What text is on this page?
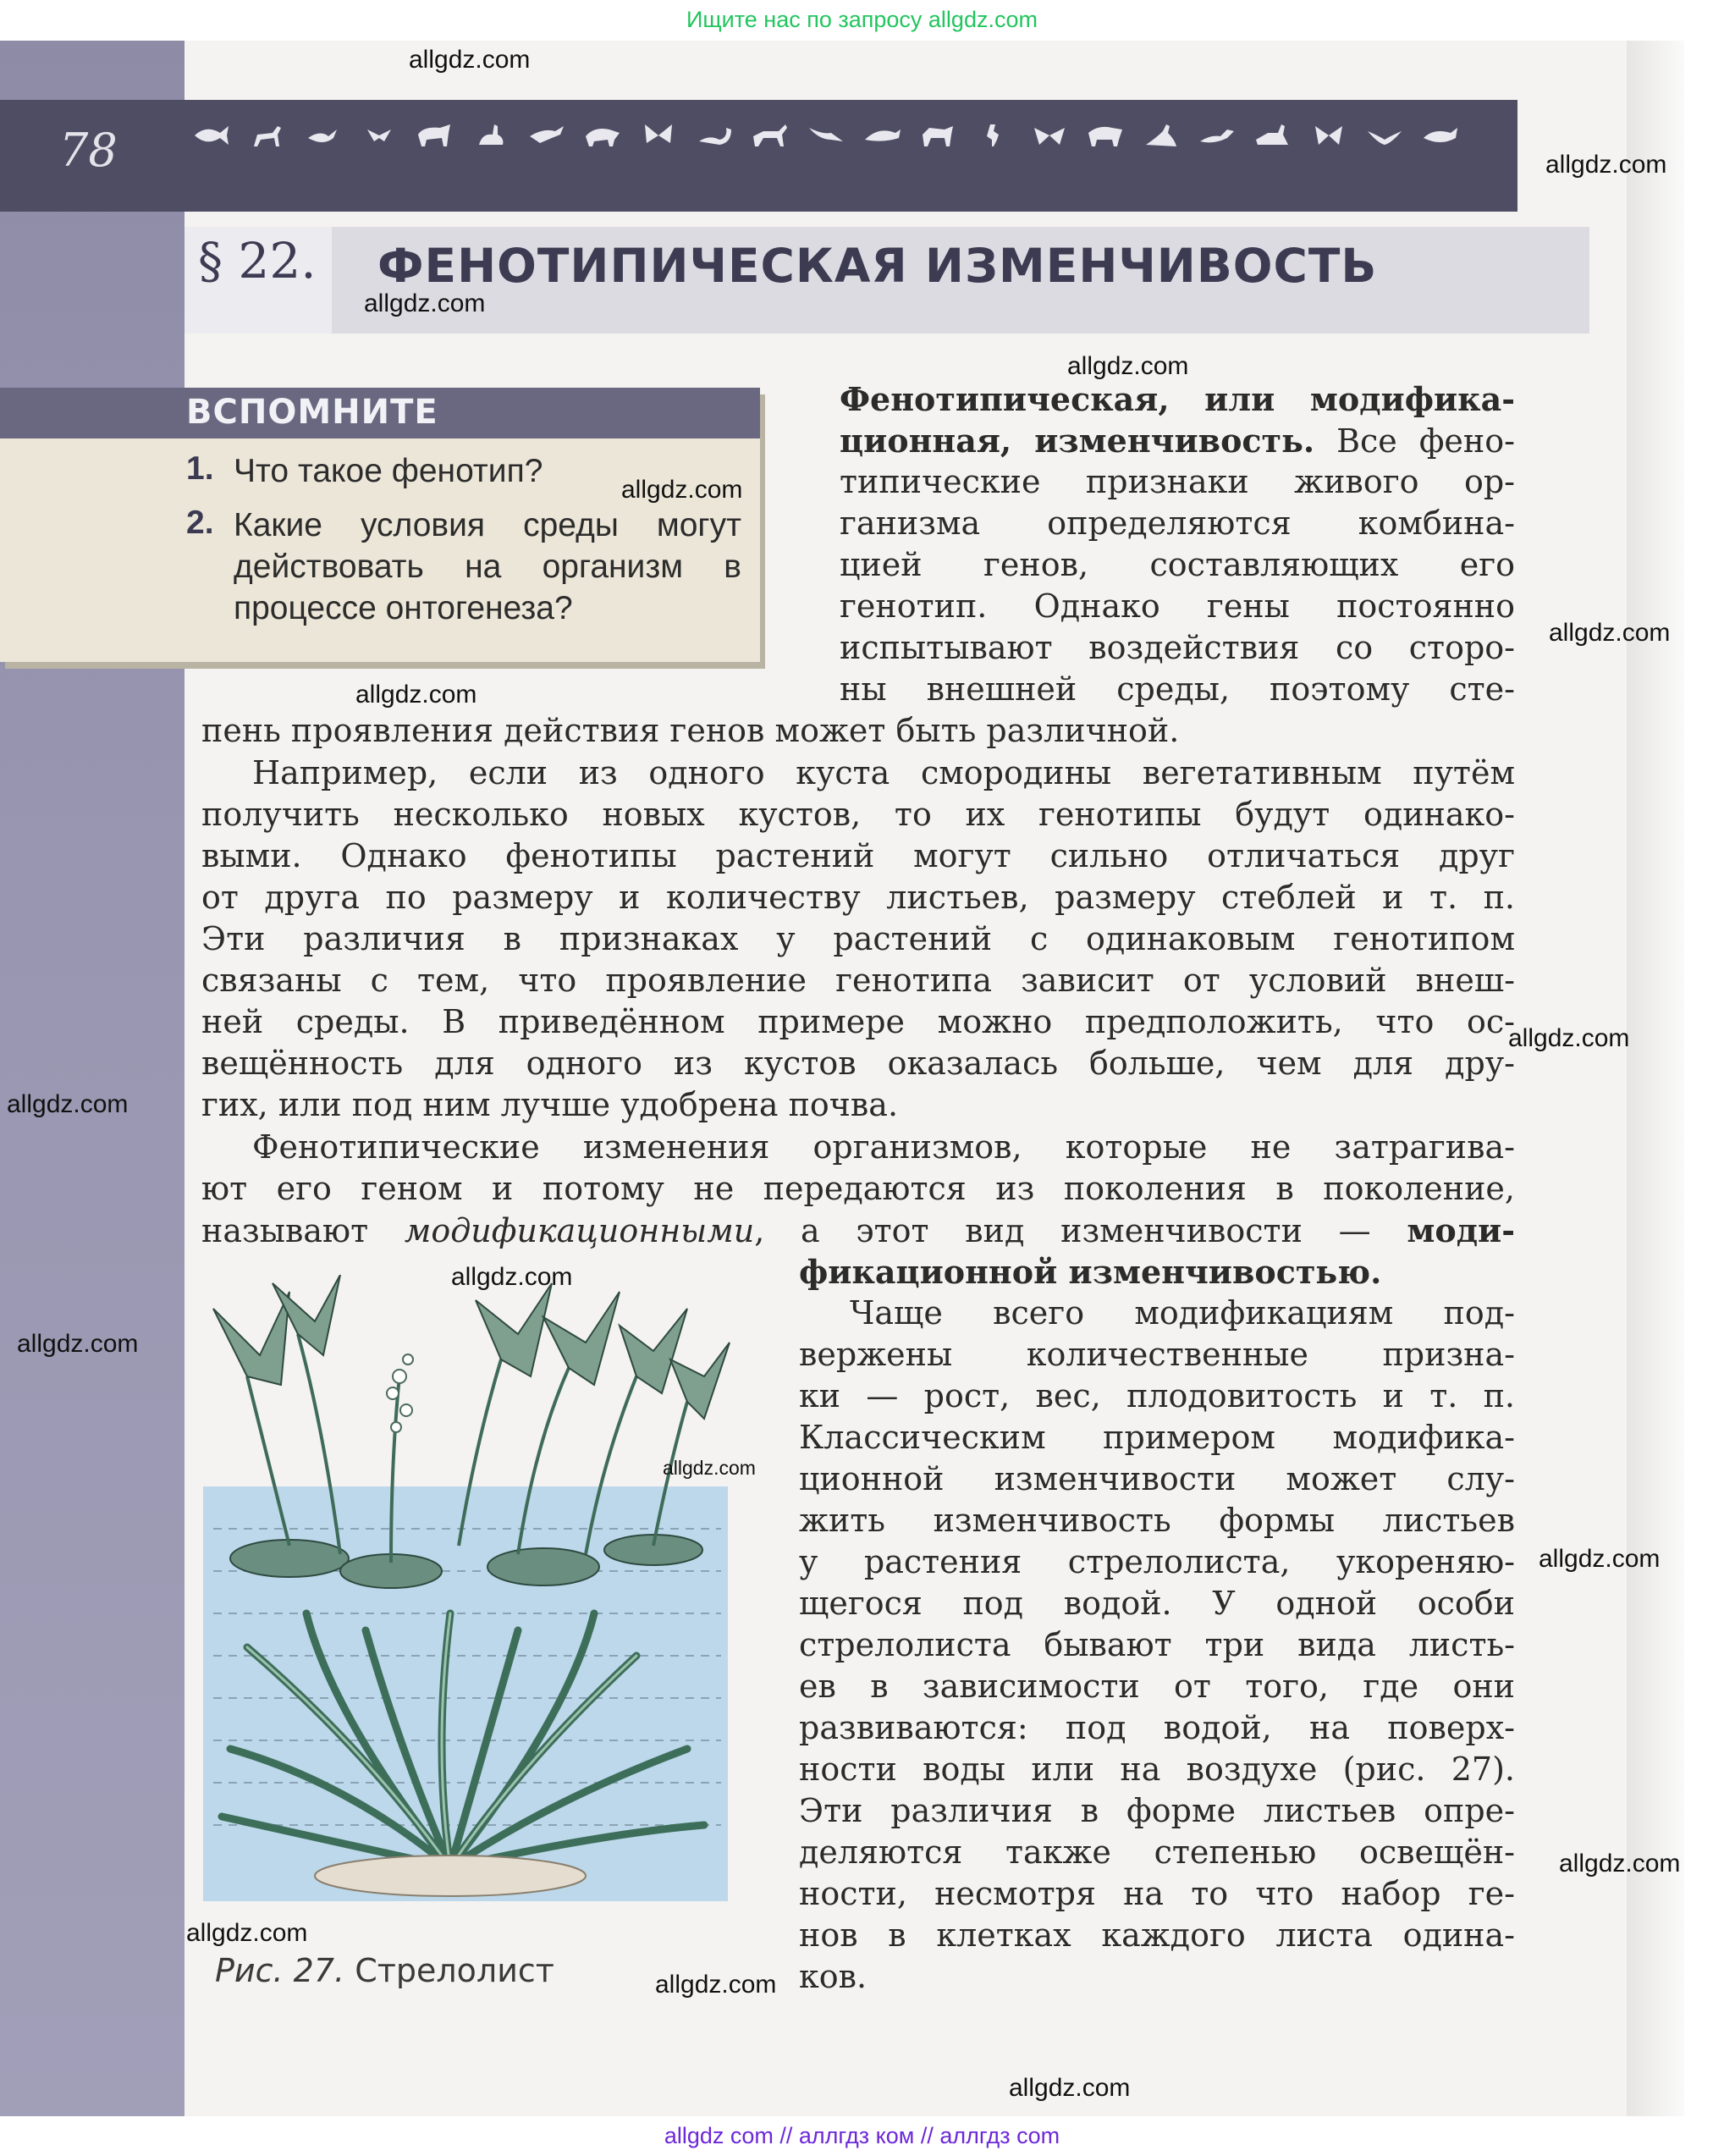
Ищите нас по запросу allgdz.com
78
§ 22. ФЕНОТИПИЧЕСКАЯ ИЗМЕНЧИВОСТЬ
ВСПОМНИТЕ
1. Что такое фенотип?
2. Какие условия среды могут
действовать на организм в
процессе онтогенеза?
Фенотипическая, или модифика-
ционная, изменчивость. Все фено-
типические признаки живого ор-
ганизма определяются комбина-
цией генов, составляющих его
генотип. Однако гены постоянно
испытывают воздействия со сторо-
ны внешней среды, поэтому сте-
пень проявления действия генов может быть различной.
Например, если из одного куста смородины вегетативным путём
получить несколько новых кустов, то их генотипы будут одинако-
выми. Однако фенотипы растений могут сильно отличаться друг
от друга по размеру и количеству листьев, размеру стеблей и т. п.
Эти различия в признаках у растений с одинаковым генотипом
связаны с тем, что проявление генотипа зависит от условий внеш-
ней среды. В приведённом примере можно предположить, что ос-
вещённость для одного из кустов оказалась больше, чем для дру-
гих, или под ним лучше удобрена почва.
Фенотипические изменения организмов, которые не затрагива-
ют его геном и потому не передаются из поколения в поколение,
называют модификационными, а этот вид изменчивости — моди-
фикационной изменчивостью.
Чаще всего модификациям под-
вержены количественные призна-
ки — рост, вес, плодовитость и т. п.
Классическим примером модифика-
ционной изменчивости может слу-
жить изменчивость формы листьев
у растения стрелолиста, укореняю-
щегося под водой. У одной особи
стрелолиста бывают три вида листь-
ев в зависимости от того, где они
развиваются: под водой, на поверх-
ности воды или на воздухе (рис. 27).
Эти различия в форме листьев опре-
деляются также степенью освещён-
ности, несмотря на то что набор ге-
нов в клетках каждого листа одина-
ков.
Рис. 27. Стрелолист
allgdz.com
allgdz.com
allgdz.com
allgdz.com
allgdz.com
allgdz.com
allgdz.com
allgdz.com
allgdz.com
allgdz.com
allgdz.com
allgdz.com
allgdz.com
allgdz.com
allgdz.com
allgdz.com
allgdz.com
allgdz com // аллгдз ком // аллгдз com
